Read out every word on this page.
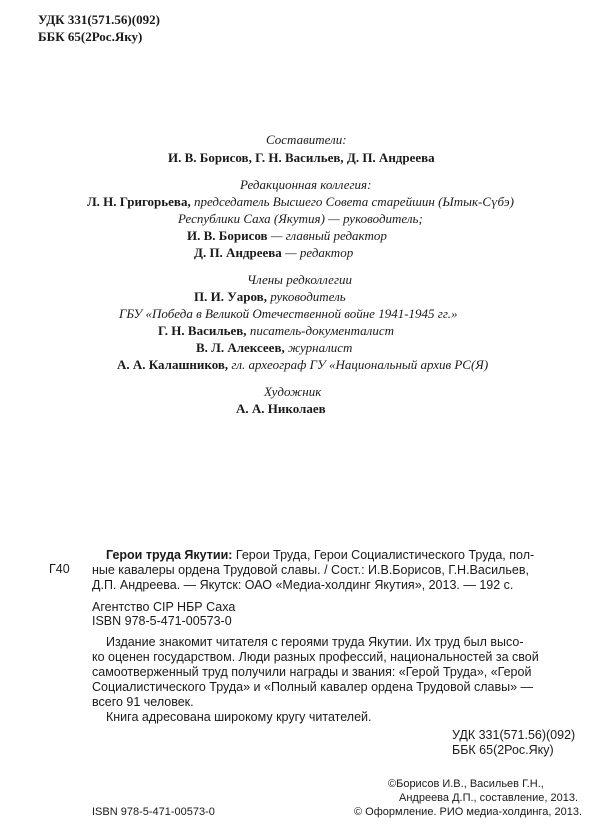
УДК 331(571.56)(092)
ББК 65(2Рос.Яку)
Составители:
И. В. Борисов, Г. Н. Васильев, Д. П. Андреева
Редакционная коллегия:
Л. Н. Григорьева, председатель Высшего Совета старейшин (Ытык-Сүбэ)
Республики Саха (Якутия) — руководитель;
И. В. Борисов — главный редактор
Д. П. Андреева — редактор
Члены редколлегии
П. И. Уаров, руководитель
ГБУ «Победа в Великой Отечественной войне 1941-1945 гг.»
Г. Н. Васильев, писатель-документалист
В. Л. Алексеев, журналист
А. А. Калашников, гл. археограф ГУ «Национальный архив РС(Я)
Художник
А. А. Николаев
Г40
Герои труда Якутии: Герои Труда, Герои Социалистического Труда, пол-
ные кавалеры ордена Трудовой славы. / Сост.: И.В.Борисов, Г.Н.Васильев,
Д.П. Андреева. — Якутск: ОАО «Медиа-холдинг Якутия», 2013. — 192 с.
Агентство CIP НБР Саха
ISBN 978-5-471-00573-0
Издание знакомит читателя с героями труда Якутии. Их труд был высо-
ко оценен государством. Люди разных профессий, национальностей за свой
самоотверженный труд получили награды и звания: «Герой Труда», «Герой
Социалистического Труда» и «Полный кавалер ордена Трудовой славы» —
всего 91 человек.
Книга адресована широкому кругу читателей.
УДК 331(571.56)(092)
ББК 65(2Рос.Яку)
ISBN 978-5-471-00573-0
©Борисов И.В., Васильев Г.Н.,
Андреева Д.П., составление, 2013.
© Оформление. РИО медиа-холдинга, 2013.
